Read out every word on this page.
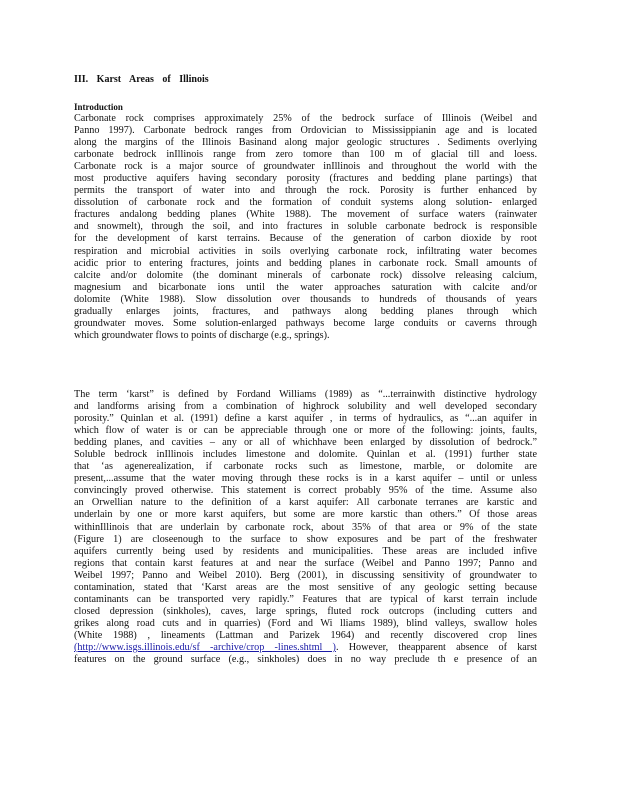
III. Karst Areas of Illinois
Introduction
Carbonate rock comprises approximately 25% of the bedrock surface of Illinois (Weibel and
Panno 1997). Carbonate bedrock ranges from Ordovician to Mississippianin age and is located
along the margins of the Illinois Basinand along major geologic structures . Sediments overlying
carbonate bedrock inIllinois range from zero tomore than 100 m of glacial till and loess.
Carbonate rock is a major source of groundwater inIllinois and throughout the world with the
most productive aquifers having secondary porosity (fractures and bedding plane partings) that
permits the transport of water into and through the rock. Porosity is further enhanced by
dissolution of carbonate rock and the formation of conduit systems along solution- enlarged
fractures andalong bedding planes (White 1988). The movement of surface waters (rainwater
and snowmelt), through the soil, and into fractures in soluble carbonate bedrock is responsible
for the development of karst terrains. Because of the generation of carbon dioxide by root
respiration and microbial activities in soils overlying carbonate rock, infiltrating water becomes
acidic prior to entering fractures, joints and bedding planes in carbonate rock. Small amounts of
calcite and/or dolomite (the dominant minerals of carbonate rock) dissolve releasing calcium,
magnesium and bicarbonate ions until the water approaches saturation with calcite and/or
dolomite (White 1988). Slow dissolution over thousands to hundreds of thousands of years
gradually enlarges joints, fractures, and pathways along bedding planes through which
groundwater moves. Some solution-enlarged pathways become large conduits or caverns through
which groundwater flows to points of discharge (e.g., springs).
The term ‘karst” is defined by Fordand Williams (1989) as “...terrainwith distinctive hydrology
and landforms arising from a combination of highrock solubility and well developed secondary
porosity.” Quinlan et al. (1991) define a karst aquifer , in terms of hydraulics, as “...an aquifer in
which flow of water is or can be appreciable through one or more of the following: joints, faults,
bedding planes, and cavities – any or all of whichhave been enlarged by dissolution of bedrock.”
Soluble bedrock inIllinois includes limestone and dolomite. Quinlan et al. (1991) further state
that ‘as agenerealization, if carbonate rocks such as limestone, marble, or dolomite are
present,...assume that the water moving through these rocks is in a karst aquifer – until or unless
convincingly proved otherwise. This statement is correct probably 95% of the time. Assume also
an Orwellian nature to the definition of a karst aquifer: All carbonate terranes are karstic and
underlain by one or more karst aquifers, but some are more karstic than others.” Of those areas
withinIllinois that are underlain by carbonate rock, about 35% of that area or 9% of the state
(Figure 1) are closeenough to the surface to show exposures and be part of the freshwater
aquifers currently being used by residents and municipalities. These areas are included infive
regions that contain karst features at and near the surface (Weibel and Panno 1997; Panno and
Weibel 1997; Panno and Weibel 2010). Berg (2001), in discussing sensitivity of groundwater to
contamination, stated that ‘Karst areas are the most sensitive of any geologic setting because
contaminants can be transported very rapidly.” Features that are typical of karst terrain include
closed depression (sinkholes), caves, large springs, fluted rock outcrops (including cutters and
grikes along road cuts and in quarries) (Ford and Wi lliams 1989), blind valleys, swallow holes
(White 1988) , lineaments (Lattman and Parizek 1964) and recently discovered crop lines
(http://www.isgs.illinois.edu/sf -archive/crop -lines.shtml ). However, theapparent absence of karst
features on the ground surface (e.g., sinkholes) does in no way preclude th e presence of an
